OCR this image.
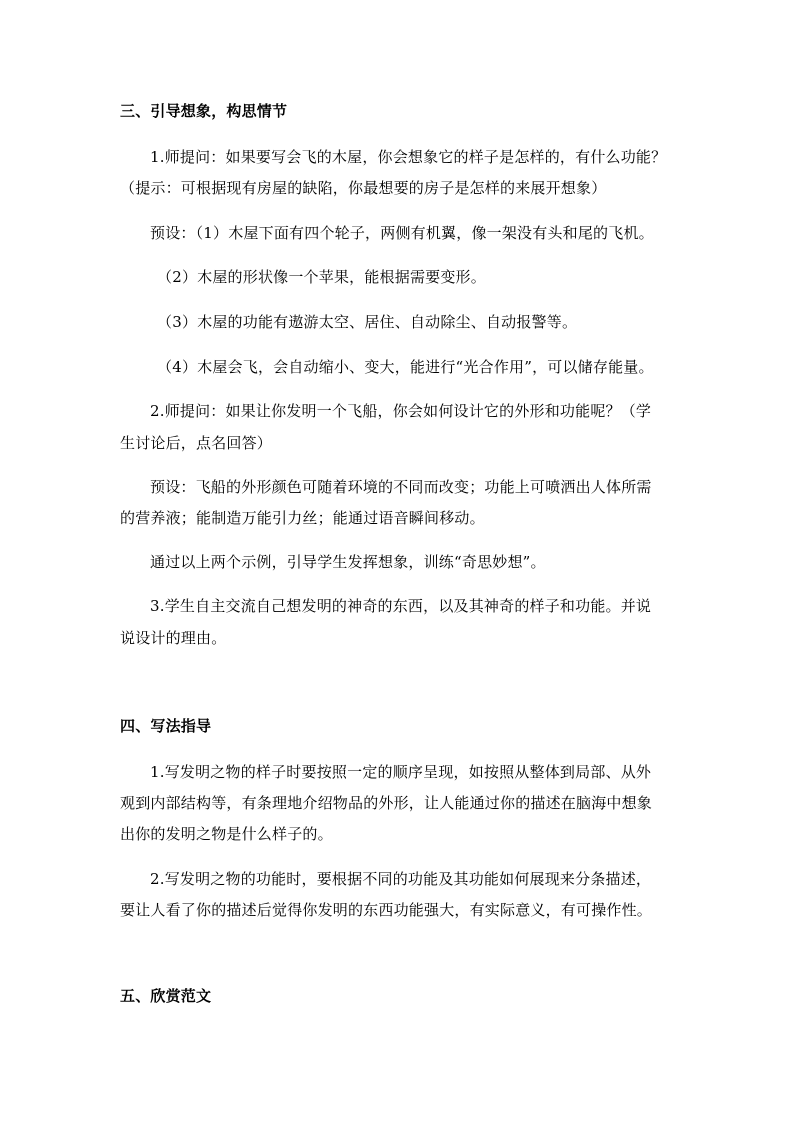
三、引导想象，构思情节
1.师提问：如果要写会飞的木屋，你会想象它的样子是怎样的，有什么功能？
（提示：可根据现有房屋的缺陷，你最想要的房子是怎样的来展开想象）
预设：（1）木屋下面有四个轮子，两侧有机翼，像一架没有头和尾的飞机。
（2）木屋的形状像一个苹果，能根据需要变形。
（3）木屋的功能有遨游太空、居住、自动除尘、自动报警等。
（4）木屋会飞，会自动缩小、变大，能进行“光合作用”，可以储存能量。
2.师提问：如果让你发明一个飞船，你会如何设计它的外形和功能呢？（学
生讨论后，点名回答）
预设：飞船的外形颜色可随着环境的不同而改变；功能上可喷洒出人体所需
的营养液；能制造万能引力丝；能通过语音瞬间移动。
通过以上两个示例，引导学生发挥想象，训练“奇思妙想”。
3.学生自主交流自己想发明的神奇的东西，以及其神奇的样子和功能。并说
说设计的理由。
四、写法指导
1.写发明之物的样子时要按照一定的顺序呈现，如按照从整体到局部、从外
观到内部结构等，有条理地介绍物品的外形，让人能通过你的描述在脑海中想象
出你的发明之物是什么样子的。
2.写发明之物的功能时，要根据不同的功能及其功能如何展现来分条描述，
要让人看了你的描述后觉得你发明的东西功能强大，有实际意义，有可操作性。
五、欣赏范文
